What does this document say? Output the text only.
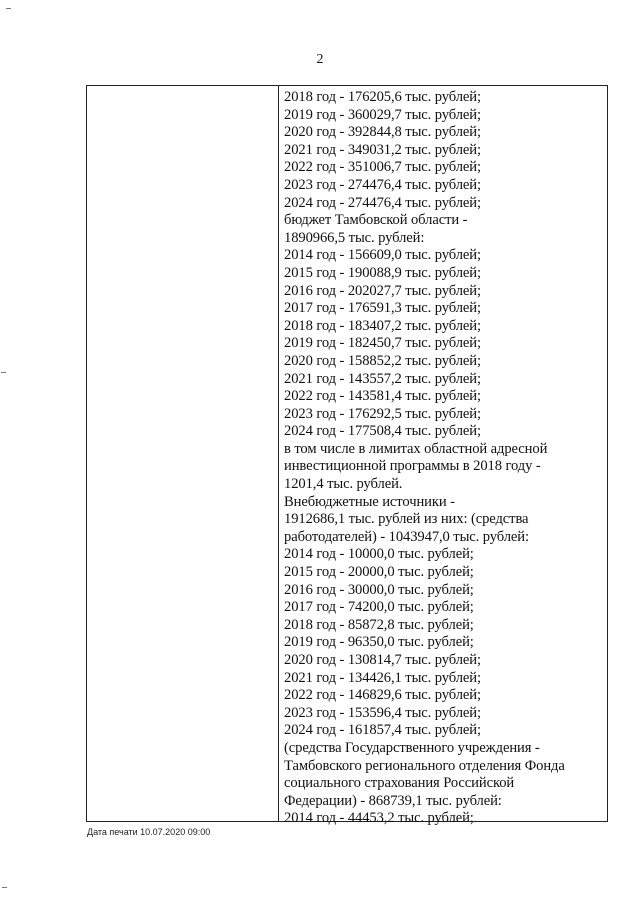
2
2018 год - 176205,6 тыс. рублей;
2019 год - 360029,7 тыс. рублей;
2020 год - 392844,8 тыс. рублей;
2021 год - 349031,2 тыс. рублей;
2022 год - 351006,7 тыс. рублей;
2023 год - 274476,4 тыс. рублей;
2024 год - 274476,4 тыс. рублей;
бюджет Тамбовской области -
1890966,5 тыс. рублей:
2014 год - 156609,0 тыс. рублей;
2015 год - 190088,9 тыс. рублей;
2016 год - 202027,7 тыс. рублей;
2017 год - 176591,3 тыс. рублей;
2018 год - 183407,2 тыс. рублей;
2019 год - 182450,7 тыс. рублей;
2020 год - 158852,2 тыс. рублей;
2021 год - 143557,2 тыс. рублей;
2022 год - 143581,4 тыс. рублей;
2023 год - 176292,5 тыс. рублей;
2024 год - 177508,4 тыс. рублей;
в том числе в лимитах областной адресной
инвестиционной программы в 2018 году -
1201,4 тыс. рублей.
Внебюджетные источники -
1912686,1 тыс. рублей из них: (средства
работодателей) - 1043947,0 тыс. рублей:
2014 год - 10000,0 тыс. рублей;
2015 год - 20000,0 тыс. рублей;
2016 год - 30000,0 тыс. рублей;
2017 год - 74200,0 тыс. рублей;
2018 год - 85872,8 тыс. рублей;
2019 год - 96350,0 тыс. рублей;
2020 год - 130814,7 тыс. рублей;
2021 год - 134426,1 тыс. рублей;
2022 год - 146829,6 тыс. рублей;
2023 год - 153596,4 тыс. рублей;
2024 год - 161857,4 тыс. рублей;
(средства Государственного учреждения -
Тамбовского регионального отделения Фонда
социального страхования Российской
Федерации) - 868739,1 тыс. рублей:
2014 год - 44453,2 тыс. рублей;
Дата печати 10.07.2020 09:00
